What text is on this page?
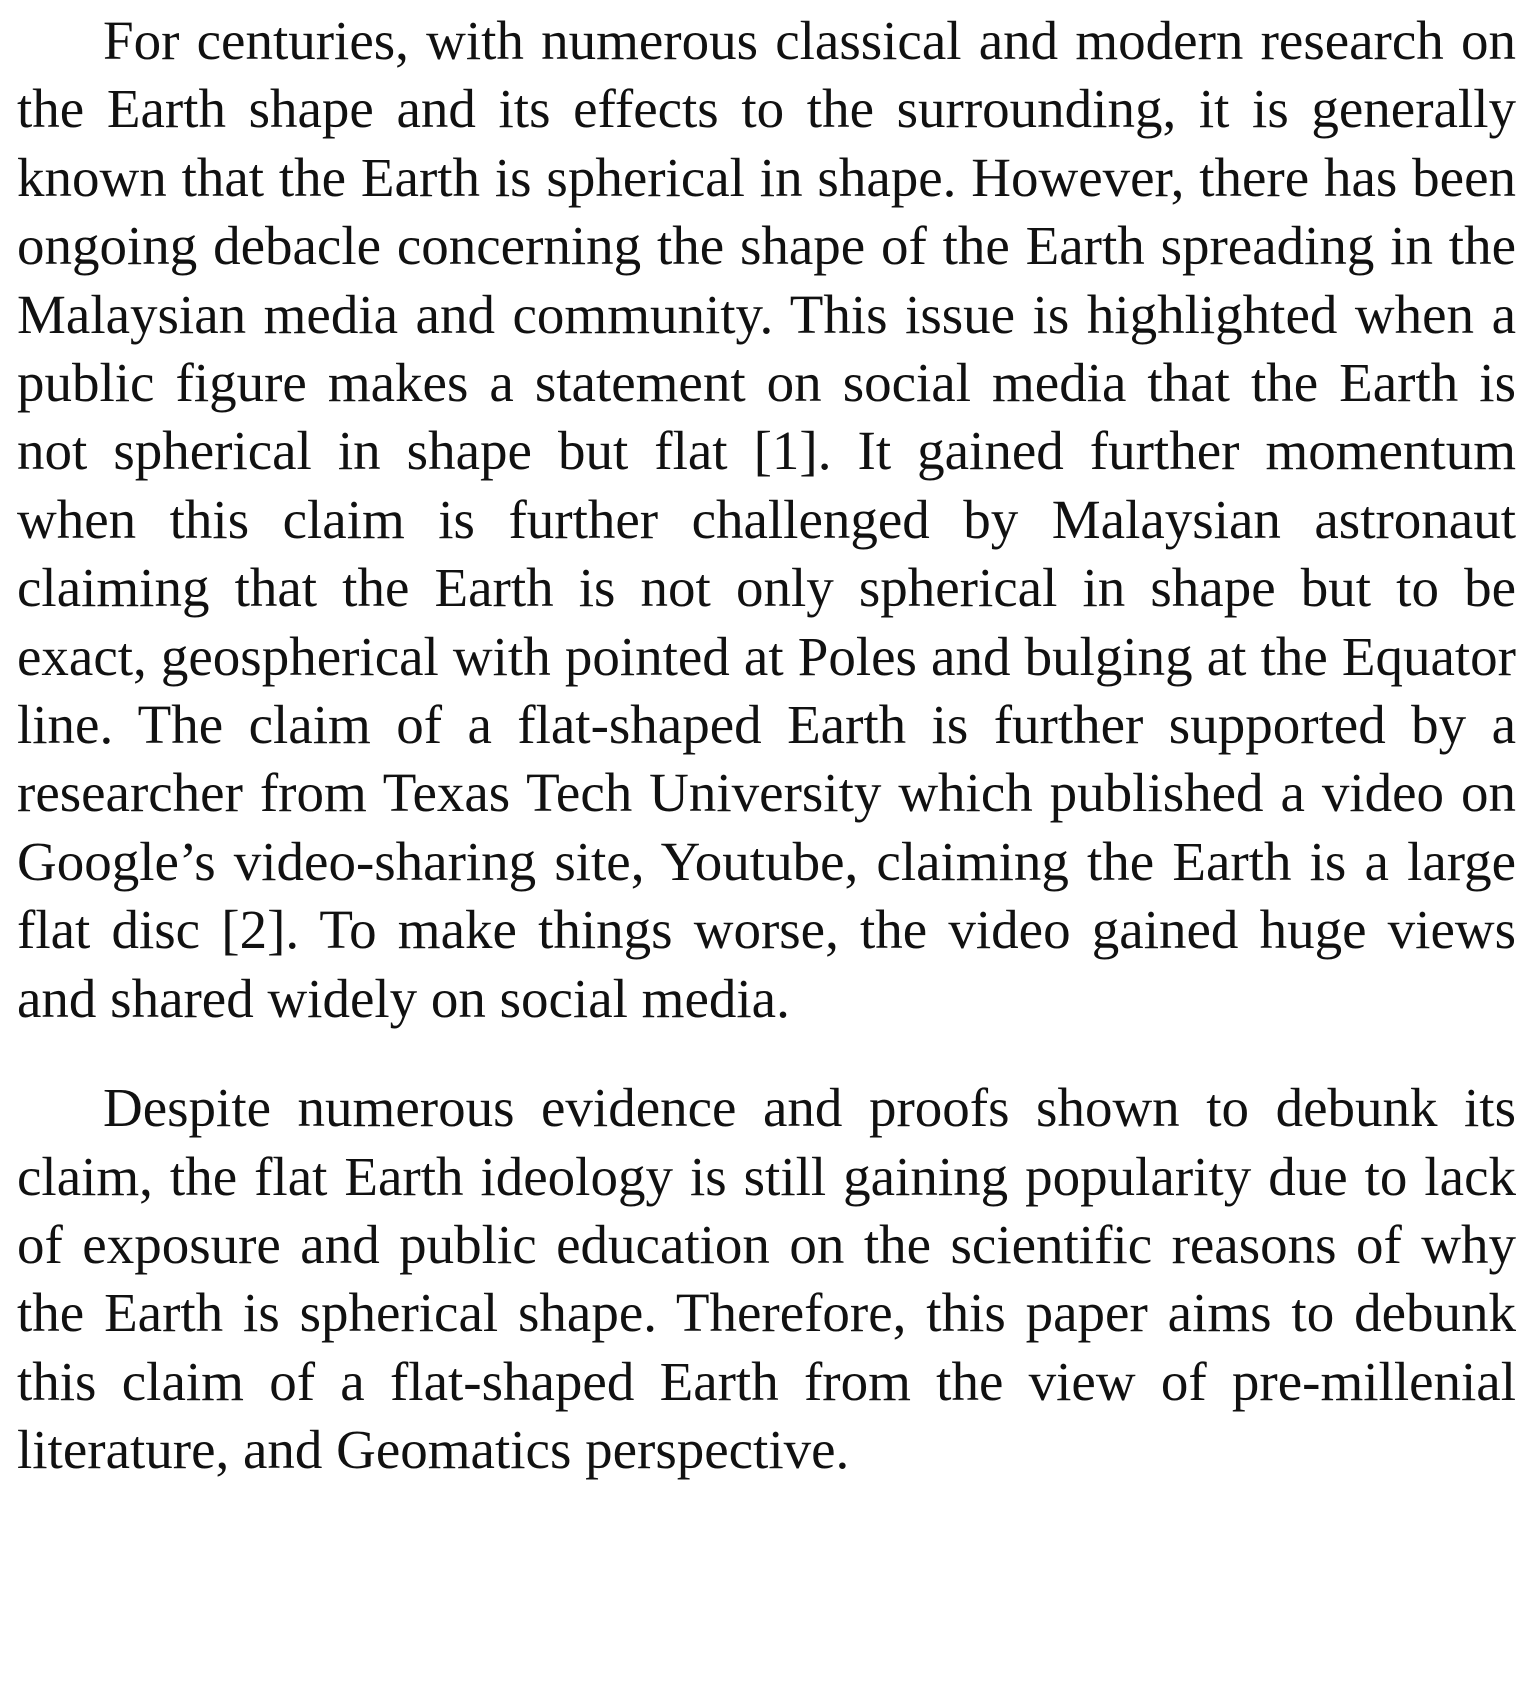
For centuries, with numerous classical and modern research on the Earth shape and its effects to the surrounding, it is generally known that the Earth is spherical in shape. However, there has been ongoing debacle concerning the shape of the Earth spreading in the Malaysian media and community. This issue is highlighted when a public figure makes a statement on social media that the Earth is not spherical in shape but flat [1]. It gained further momentum when this claim is further challenged by Malaysian astronaut claiming that the Earth is not only spherical in shape but to be exact, geospherical with pointed at Poles and bulging at the Equator line. The claim of a flat-shaped Earth is further supported by a researcher from Texas Tech University which published a video on Google’s video-sharing site, Youtube, claiming the Earth is a large flat disc [2]. To make things worse, the video gained huge views and shared widely on social media.

Despite numerous evidence and proofs shown to debunk its claim, the flat Earth ideology is still gaining popularity due to lack of exposure and public education on the scientific reasons of why the Earth is spherical shape. Therefore, this paper aims to debunk this claim of a flat-shaped Earth from the view of pre-millenial literature, and Geomatics perspective.
